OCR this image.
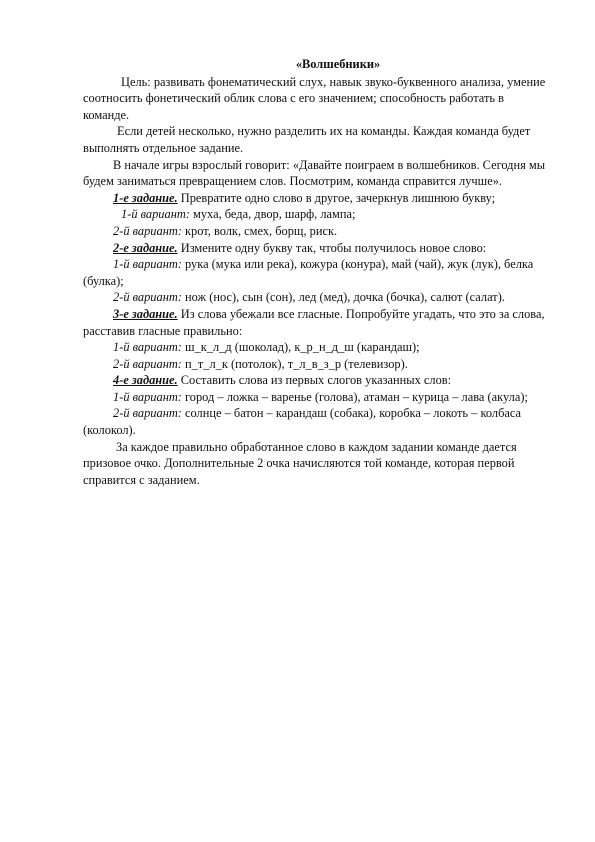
«Волшебники»

Цель: развивать фонематический слух, навык звуко-буквенного анализа, умение соотносить фонетический облик слова с его значением; способность работать в команде.

Если детей несколько, нужно разделить их на команды. Каждая команда будет выполнять отдельное задание.

В начале игры взрослый говорит: «Давайте поиграем в волшебников. Сегодня мы будем заниматься превращением слов. Посмотрим, команда справится лучше».

1-е задание. Превратите одно слово в другое, зачеркнув лишнюю букву;

1-й вариант: муха, беда, двор, шарф, лампа;

2-й вариант: крот, волк, смех, борщ, риск.

2-е задание. Измените одну букву так, чтобы получилось новое слово:

1-й вариант: рука (мука или река), кожура (конура), май (чай), жук (лук), белка (булка);

2-й вариант: нож (нос), сын (сон), лед (мед), дочка (бочка), салют (салат).

3-е задание. Из слова убежали все гласные. Попробуйте угадать, что это за слова, расставив гласные правильно:

1-й вариант: ш_к_л_д (шоколад), к_р_н_д_ш (карандаш);

2-й вариант: п_т_л_к (потолок), т_л_в_з_р (телевизор).

4-е задание. Составить слова из первых слогов указанных слов:

1-й вариант: город – ложка – варенье (голова), атаман – курица – лава (акула);

2-й вариант: солнце – батон – карандаш (собака), коробка – локоть – колбаса (колокол).

За каждое правильно обработанное слово в каждом задании команде дается призовое очко. Дополнительные 2 очка начисляются той команде, которая первой справится с заданием.
